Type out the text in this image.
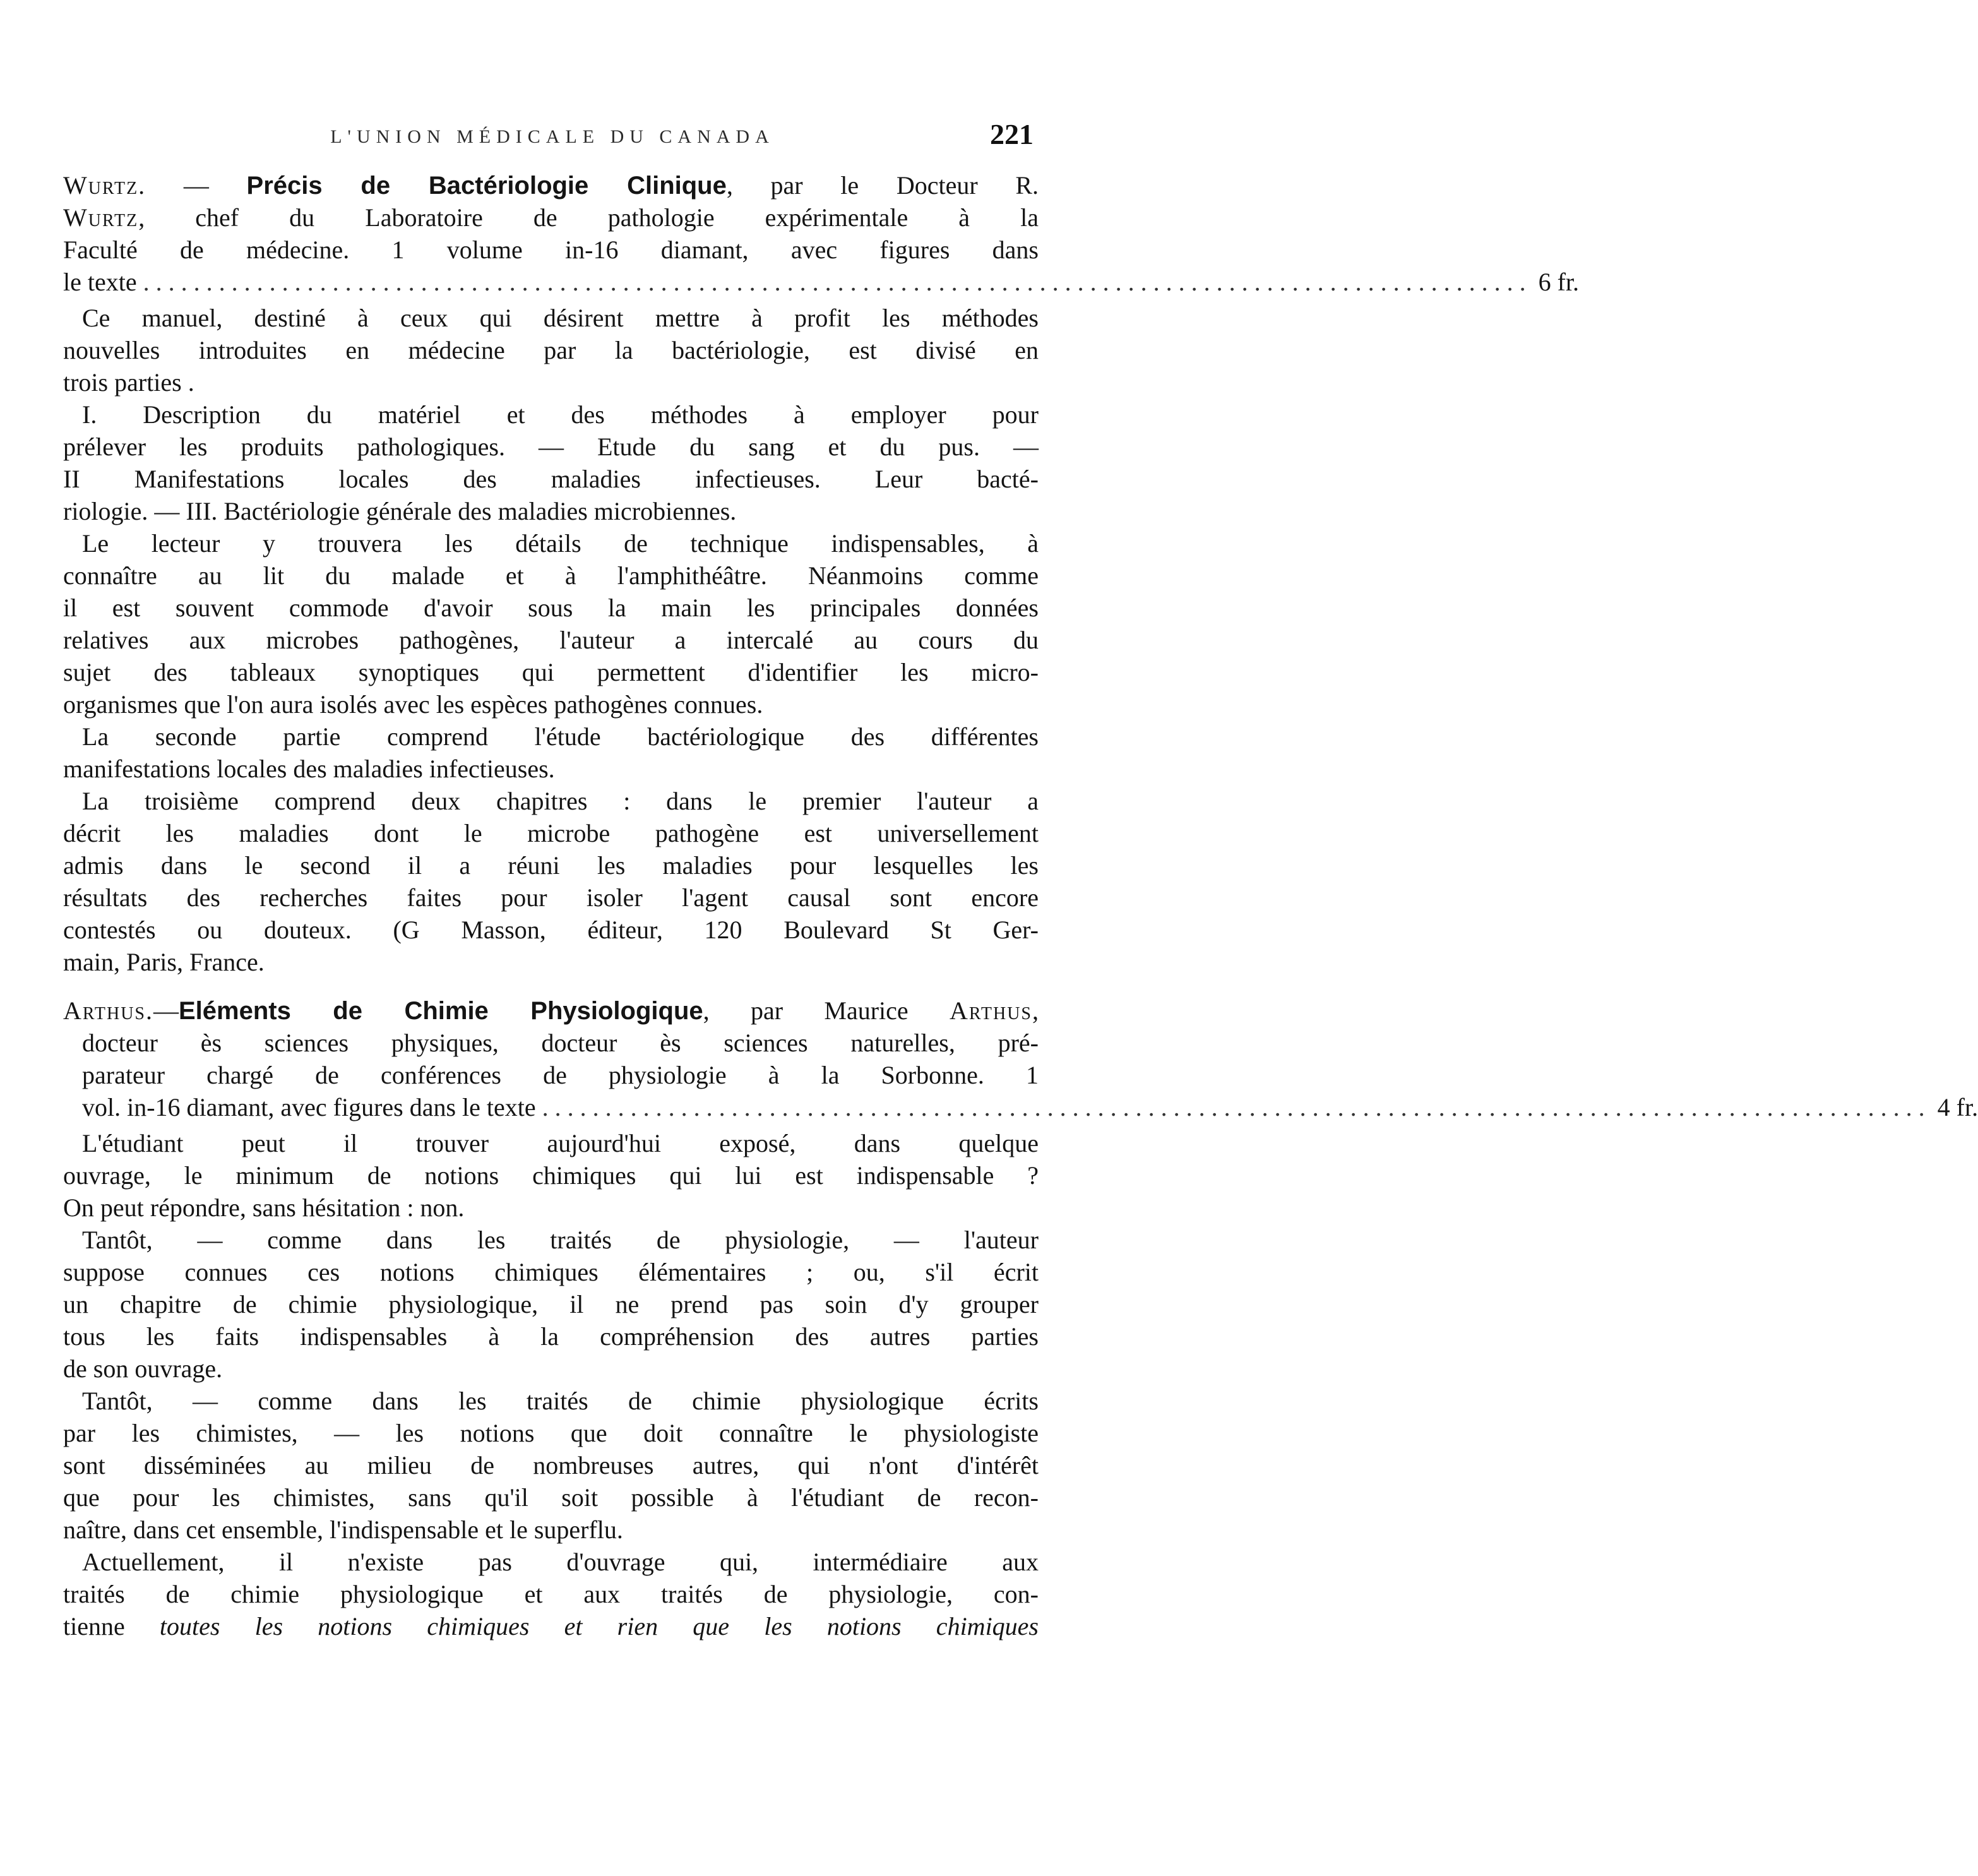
L'UNION MÉDICALE DU CANADA	221
Wurtz. — Précis de Bactériologie Clinique, par le Docteur R.
Wurtz, chef du Laboratoire de pathologie expérimentale à la
Faculté de médecine. 1 volume in-16 diamant, avec figures dans
le texte .............................................................................................................. 6 fr.
Ce manuel, destiné à ceux qui désirent mettre à profit les méthodes
nouvelles introduites en médecine par la bactériologie, est divisé en
trois parties .
I. Description du matériel et des méthodes à employer pour
prélever les produits pathologiques. — Etude du sang et du pus. —
II Manifestations locales des maladies infectieuses. Leur bacté-
riologie. — III. Bactériologie générale des maladies microbiennes.
Le lecteur y trouvera les détails de technique indispensables, à
connaître au lit du malade et à l'amphithéâtre. Néanmoins comme
il est souvent commode d'avoir sous la main les principales données
relatives aux microbes pathogènes, l'auteur a intercalé au cours du
sujet des tableaux synoptiques qui permettent d'identifier les micro-
organismes que l'on aura isolés avec les espèces pathogènes connues.
La seconde partie comprend l'étude bactériologique des différentes
manifestations locales des maladies infectieuses.
La troisième comprend deux chapitres : dans le premier l'auteur a
décrit les maladies dont le microbe pathogène est universellement
admis dans le second il a réuni les maladies pour lesquelles les
résultats des recherches faites pour isoler l'agent causal sont encore
contestés ou douteux. (G Masson, éditeur, 120 Boulevard St Ger-
main, Paris, France.
Arthus.—Eléments de Chimie Physiologique, par Maurice Arthus,
docteur ès sciences physiques, docteur ès sciences naturelles, pré-
parateur chargé de conférences de physiologie à la Sorbonne. 1
vol. in-16 diamant, avec figures dans le texte .............................................................................................................. 4 fr.
L'étudiant peut il trouver aujourd'hui exposé, dans quelque
ouvrage, le minimum de notions chimiques qui lui est indispensable ?
On peut répondre, sans hésitation : non.
Tantôt, — comme dans les traités de physiologie, — l'auteur
suppose connues ces notions chimiques élémentaires ; ou, s'il écrit
un chapitre de chimie physiologique, il ne prend pas soin d'y grouper
tous les faits indispensables à la compréhension des autres parties
de son ouvrage.
Tantôt, — comme dans les traités de chimie physiologique écrits
par les chimistes, — les notions que doit connaître le physiologiste
sont disséminées au milieu de nombreuses autres, qui n'ont d'intérêt
que pour les chimistes, sans qu'il soit possible à l'étudiant de recon-
naître, dans cet ensemble, l'indispensable et le superflu.
Actuellement, il n'existe pas d'ouvrage qui, intermédiaire aux
traités de chimie physiologique et aux traités de physiologie, con-
tienne toutes les notions chimiques et rien que les notions chimiques
